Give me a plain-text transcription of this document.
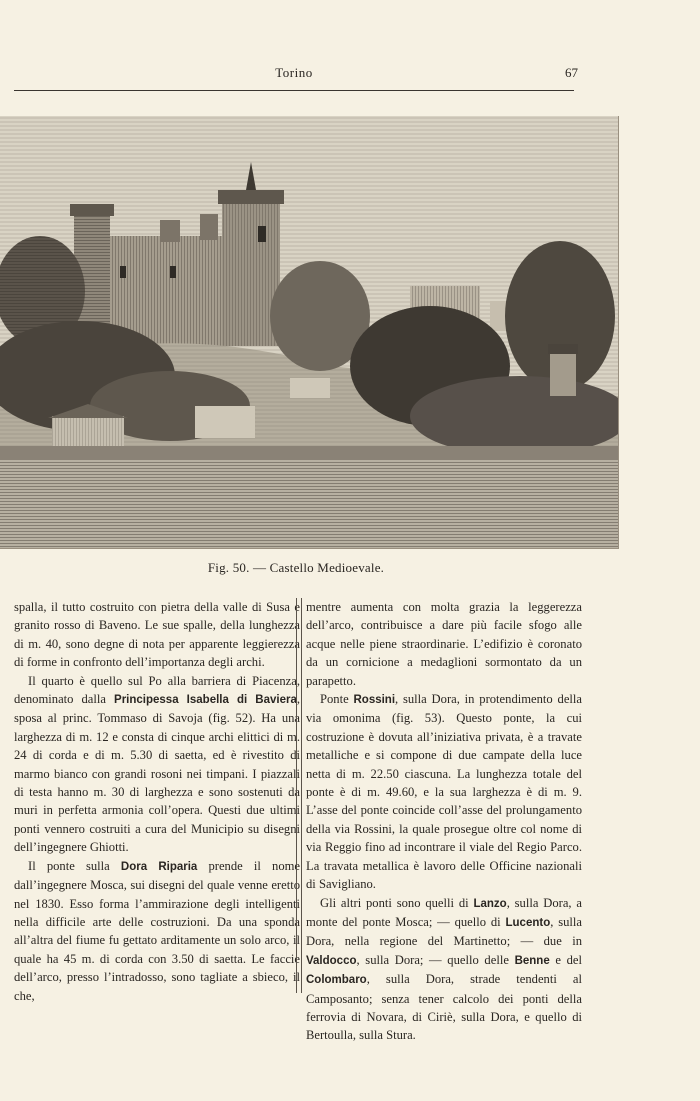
Torino	67
Fig. 50. — Castello Medioevale.

spalla, il tutto costruito con pietra della valle di Susa e granito rosso di Baveno. Le sue spalle, della lunghezza di m. 40, sono degne di nota per apparente leggierezza di forme in confronto dell’importanza degli archi.

Il quarto è quello sul Po alla barriera di Piacenza, denominato dalla Principessa Isabella di Baviera, sposa al princ. Tommaso di Savoja (fig. 52). Ha una larghezza di m. 12 e consta di cinque archi elittici di m. 24 di corda e di m. 5.30 di saetta, ed è rivestito di marmo bianco con grandi rosoni nei timpani. I piazzali di testa hanno m. 30 di larghezza e sono sostenuti da muri in perfetta armonia coll’opera. Questi due ultimi ponti vennero costruiti a cura del Municipio su disegni dell’ingegnere Ghiotti.

Il ponte sulla Dora Riparia prende il nome dall’ingegnere Mosca, sui disegni del quale venne eretto nel 1830. Esso forma l’ammirazione degli intelligenti nella difficile arte delle costruzioni. Da una sponda all’altra del fiume fu gettato arditamente un solo arco, il quale ha 45 m. di corda con 3.50 di saetta. Le faccie dell’arco, presso l’intradosso, sono tagliate a sbieco, il che,

mentre aumenta con molta grazia la leggerezza dell’arco, contribuisce a dare più facile sfogo alle acque nelle piene straordinarie. L’edifizio è coronato da un cornicione a medaglioni sormontato da un parapetto.

Ponte Rossini, sulla Dora, in protendimento della via omonima (fig. 53). Questo ponte, la cui costruzione è dovuta all’iniziativa privata, è a travate metalliche e si compone di due campate della luce netta di m. 22.50 ciascuna. La lunghezza totale del ponte è di m. 49.60, e la sua larghezza è di m. 9. L’asse del ponte coincide coll’asse del prolungamento della via Rossini, la quale prosegue oltre col nome di via Reggio fino ad incontrare il viale del Regio Parco. La travata metallica è lavoro delle Officine nazionali di Savigliano.

Gli altri ponti sono quelli di Lanzo, sulla Dora, a monte del ponte Mosca; — quello di Lucento, sulla Dora, nella regione del Martinetto; — due in Valdocco, sulla Dora; — quello delle Benne e del Colombaro, sulla Dora, strade tendenti al Camposanto; senza tener calcolo dei ponti della ferrovia di Novara, di Ciriè, sulla Dora, e quello di Bertoulla, sulla Stura.
